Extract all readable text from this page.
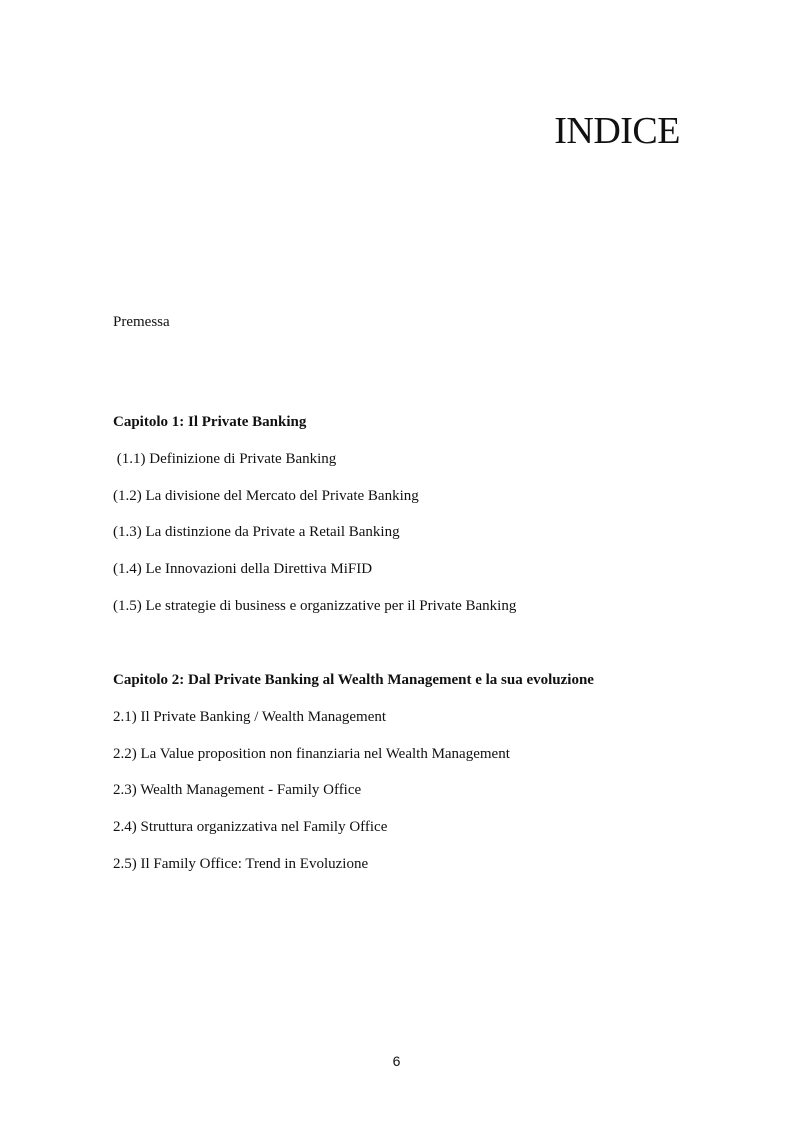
INDICE
Premessa
Capitolo 1: Il Private Banking
(1.1) Definizione di Private Banking
(1.2) La divisione del Mercato del Private Banking
(1.3) La distinzione da Private a Retail Banking
(1.4) Le Innovazioni della Direttiva MiFID
(1.5) Le strategie di business e organizzative per il Private Banking
Capitolo 2: Dal Private Banking al Wealth Management e la sua evoluzione
2.1) Il Private Banking / Wealth Management
2.2) La Value proposition non finanziaria nel Wealth Management
2.3) Wealth Management - Family Office
2.4) Struttura organizzativa nel Family Office
2.5) Il Family Office: Trend in Evoluzione
6
